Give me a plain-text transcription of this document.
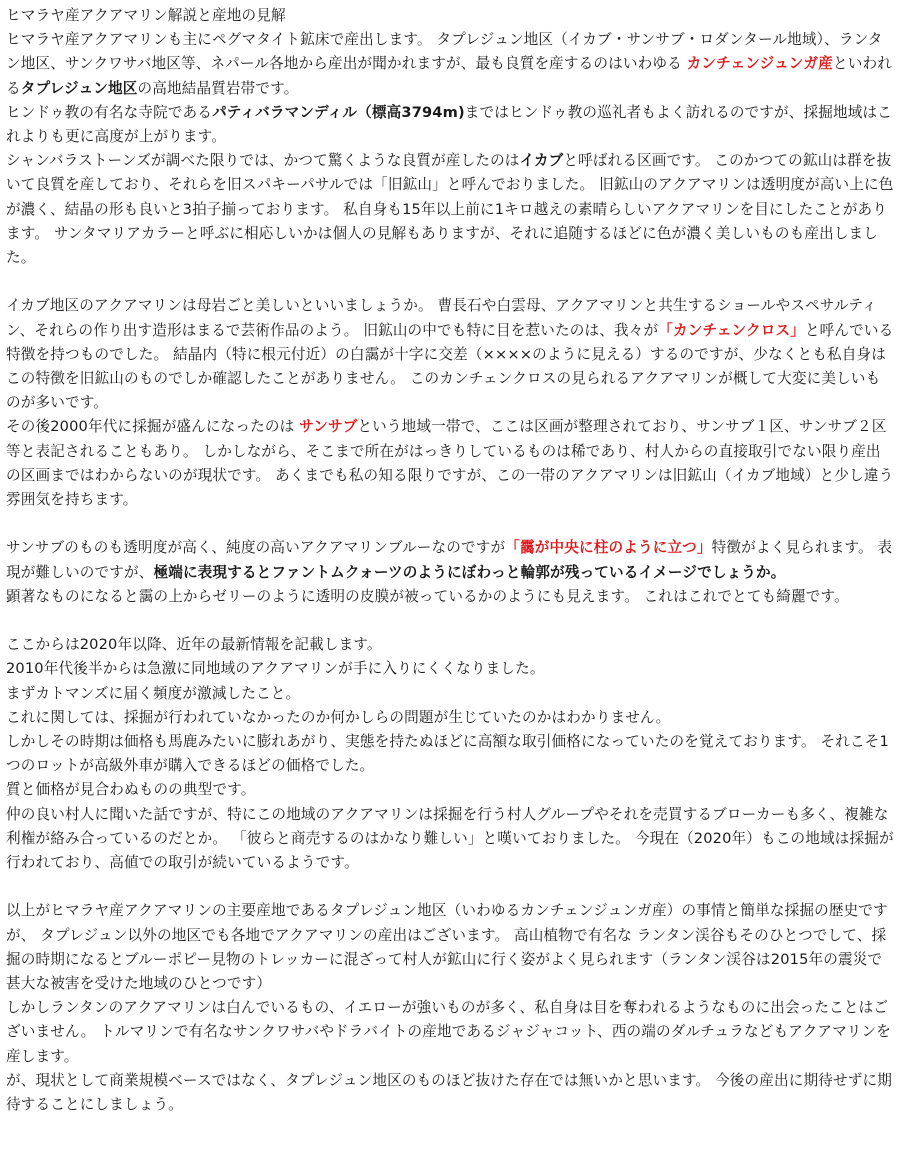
ヒマラヤ産アクアマリン解説と産地の見解

ヒマラヤ産アクアマリンも主にペグマタイト鉱床で産出します。 タプレジュン地区（イカブ・サンサブ・ロダンタール地域）、ランタン地区、サンクワサバ地区等、ネパール各地から産出が聞かれますが、最も良質を産するのはいわゆる カンチェンジュンガ産といわれるタプレジュン地区の高地結晶質岩帯です。

ヒンドゥ教の有名な寺院であるパティバラマンディル（標高3794m)まではヒンドゥ教の巡礼者もよく訪れるのですが、採掘地域はこれよりも更に高度が上がります。

シャンバラストーンズが調べた限りでは、かつて驚くような良質が産したのはイカブと呼ばれる区画です。 このかつての鉱山は群を抜いて良質を産しており、それらを旧スパキーパサルでは「旧鉱山」と呼んでおりました。 旧鉱山のアクアマリンは透明度が高い上に色が濃く、結晶の形も良いと3拍子揃っております。 私自身も15年以上前に1キロ越えの素晴らしいアクアマリンを目にしたことがあります。 サンタマリアカラーと呼ぶに相応しいかは個人の見解もありますが、それに追随するほどに色が濃く美しいものも産出しました。

イカブ地区のアクアマリンは母岩ごと美しいといいましょうか。 曹長石や白雲母、アクアマリンと共生するショールやスペサルティン、それらの作り出す造形はまるで芸術作品のよう。 旧鉱山の中でも特に目を惹いたのは、我々が「カンチェンクロス」と呼んでいる特徴を持つものでした。 結晶内（特に根元付近）の白靄が十字に交差（××××のように見える）するのですが、少なくとも私自身はこの特徴を旧鉱山のものでしか確認したことがありません。 このカンチェンクロスの見られるアクアマリンが概して大変に美しいものが多いです。

その後2000年代に採掘が盛んになったのは サンサブという地域一帯で、ここは区画が整理されており、サンサブ１区、サンサブ２区等と表記されることもあり。 しかしながら、そこまで所在がはっきりしているものは稀であり、村人からの直接取引でない限り産出の区画まではわからないのが現状です。 あくまでも私の知る限りですが、この一帯のアクアマリンは旧鉱山（イカブ地域）と少し違う雰囲気を持ちます。

サンサブのものも透明度が高く、純度の高いアクアマリンブルーなのですが「靄が中央に柱のように立つ」特徴がよく見られます。 表現が難しいのですが、極端に表現するとファントムクォーツのようにぼわっと輪郭が残っているイメージでしょうか。
顕著なものになると靄の上からゼリーのように透明の皮膜が被っているかのようにも見えます。 これはこれでとても綺麗です。

ここからは2020年以降、近年の最新情報を記載します。

2010年代後半からは急激に同地域のアクアマリンが手に入りにくくなりました。

まずカトマンズに届く頻度が激減したこと。

これに関しては、採掘が行われていなかったのか何かしらの問題が生じていたのかはわかりません。

しかしその時期は価格も馬鹿みたいに膨れあがり、実態を持たぬほどに高額な取引価格になっていたのを覚えております。 それこそ1つのロットが高級外車が購入できるほどの価格でした。

質と価格が見合わぬものの典型です。

仲の良い村人に聞いた話ですが、特にこの地域のアクアマリンは採掘を行う村人グループやそれを売買するブローカーも多く、複雑な利権が絡み合っているのだとか。 「彼らと商売するのはかなり難しい」と嘆いておりました。 今現在（2020年）もこの地域は採掘が行われており、高値での取引が続いているようです。

以上がヒマラヤ産アクアマリンの主要産地であるタプレジュン地区（いわゆるカンチェンジュンガ産）の事情と簡単な採掘の歴史ですが、 タプレジュン以外の地区でも各地でアクアマリンの産出はございます。 高山植物で有名な ランタン渓谷もそのひとつでして、採掘の時期になるとブルーポピー見物のトレッカーに混ざって村人が鉱山に行く姿がよく見られます（ランタン渓谷は2015年の震災で甚大な被害を受けた地域のひとつです）

しかしランタンのアクアマリンは白んでいるもの、イエローが強いものが多く、私自身は目を奪われるようなものに出会ったことはございません。 トルマリンで有名なサンクワサバやドラバイトの産地であるジャジャコット、西の端のダルチュラなどもアクアマリンを産します。

が、現状として商業規模ベースではなく、タプレジュン地区のものほど抜けた存在では無いかと思います。 今後の産出に期待せずに期待することにしましょう。
